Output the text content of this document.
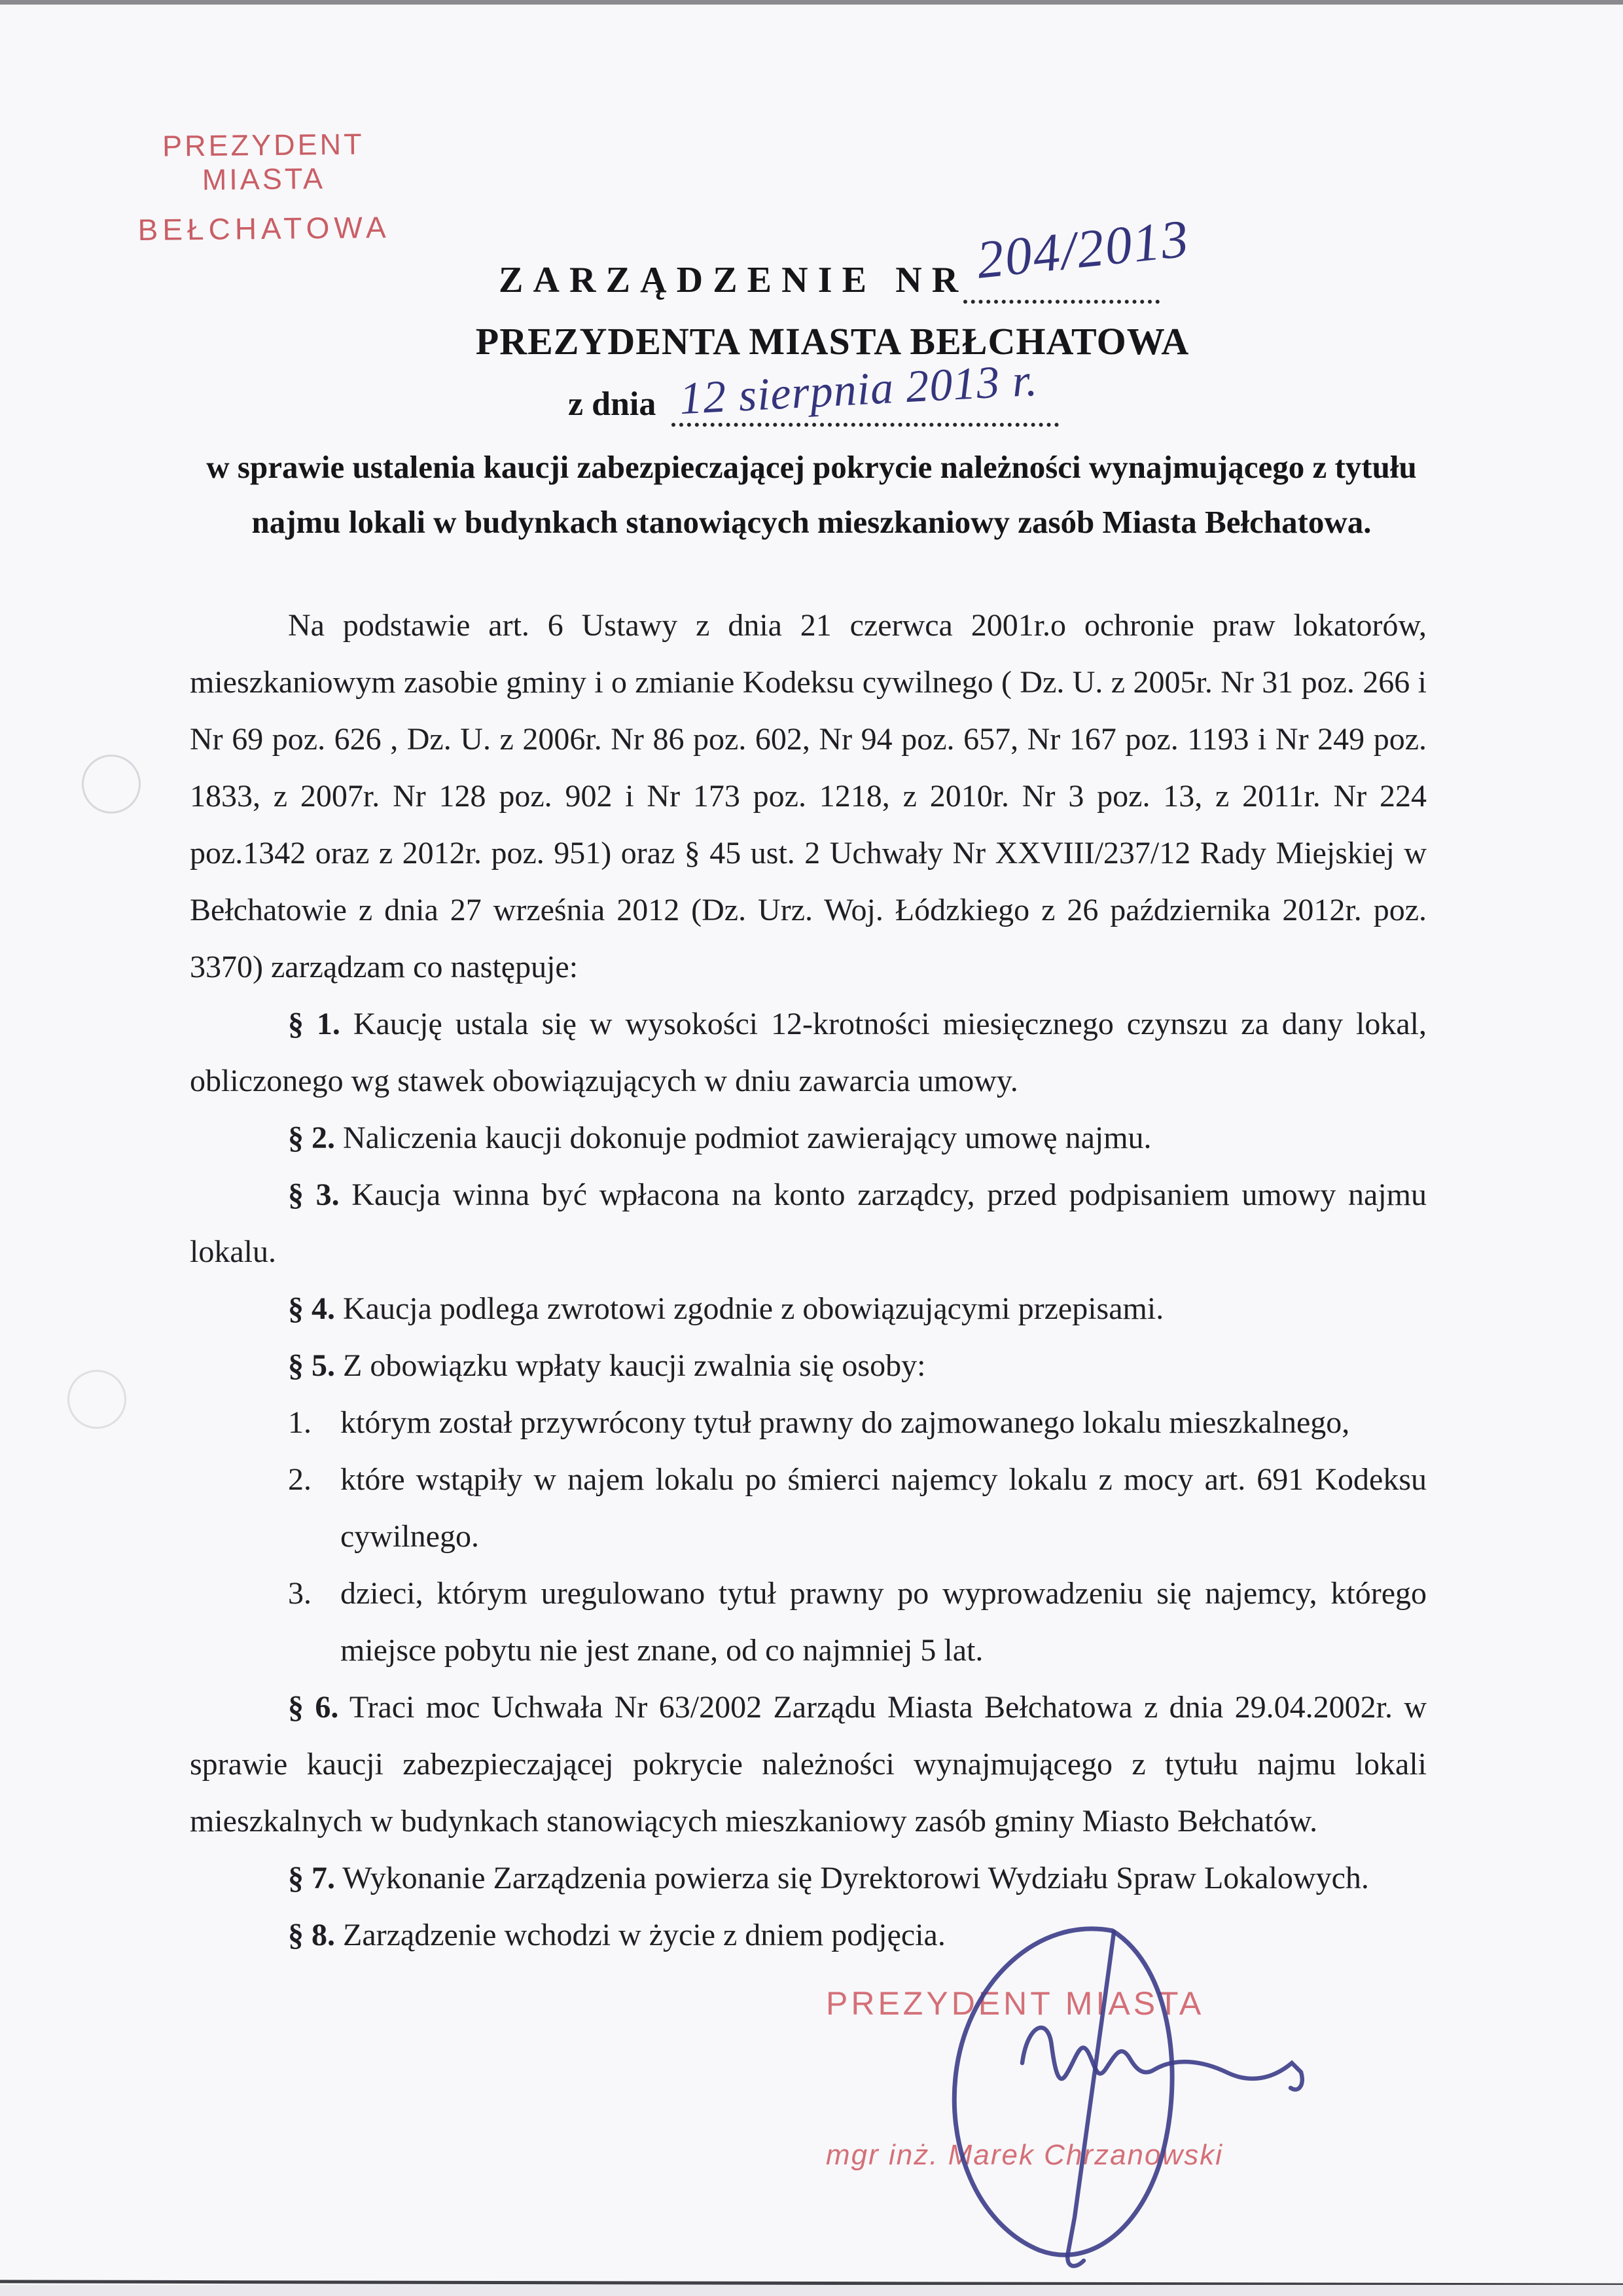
PREZYDENT MIASTA
BEŁCHATOWA
ZARZĄDZENIE NR 204/2013
PREZYDENTA MIASTA BEŁCHATOWA
z dnia 12 sierpnia 2013 r.
w sprawie ustalenia kaucji zabezpieczającej pokrycie należności wynajmującego z tytułu
najmu lokali w budynkach stanowiących mieszkaniowy zasób Miasta Bełchatowa.

Na podstawie art. 6 Ustawy z dnia 21 czerwca 2001r.o ochronie praw lokatorów, mieszkaniowym zasobie gminy i o zmianie Kodeksu cywilnego ( Dz. U. z 2005r. Nr 31 poz. 266 i Nr 69 poz. 626 , Dz. U. z 2006r. Nr 86 poz. 602, Nr 94 poz. 657, Nr 167 poz. 1193 i Nr 249 poz. 1833, z 2007r. Nr 128 poz. 902 i Nr 173 poz. 1218, z 2010r. Nr 3 poz. 13, z 2011r. Nr 224 poz.1342 oraz z 2012r. poz. 951) oraz § 45 ust. 2 Uchwały Nr XXVIII/237/12 Rady Miejskiej w Bełchatowie z dnia 27 września 2012 (Dz. Urz. Woj. Łódzkiego z 26 października 2012r. poz. 3370) zarządzam co następuje:

§ 1. Kaucję ustala się w wysokości 12-krotności miesięcznego czynszu za dany lokal, obliczonego wg stawek obowiązujących w dniu zawarcia umowy.

§ 2. Naliczenia kaucji dokonuje podmiot zawierający umowę najmu.

§ 3. Kaucja winna być wpłacona na konto zarządcy, przed podpisaniem umowy najmu lokalu.

§ 4. Kaucja podlega zwrotowi zgodnie z obowiązującymi przepisami.

§ 5. Z obowiązku wpłaty kaucji zwalnia się osoby:

1. którym został przywrócony tytuł prawny do zajmowanego lokalu mieszkalnego,

2. które wstąpiły w najem lokalu po śmierci najemcy lokalu z mocy art. 691 Kodeksu cywilnego.

3. dzieci, którym uregulowano tytuł prawny po wyprowadzeniu się najemcy, którego miejsce pobytu nie jest znane, od co najmniej 5 lat.

§ 6. Traci moc Uchwała Nr 63/2002 Zarządu Miasta Bełchatowa z dnia 29.04.2002r. w sprawie kaucji zabezpieczającej pokrycie należności wynajmującego z tytułu najmu lokali mieszkalnych w budynkach stanowiących mieszkaniowy zasób gminy Miasto Bełchatów.

§ 7. Wykonanie Zarządzenia powierza się Dyrektorowi Wydziału Spraw Lokalowych.

§ 8. Zarządzenie wchodzi w życie z dniem podjęcia.

PREZYDENT MIASTA
mgr inż. Marek Chrzanowski
